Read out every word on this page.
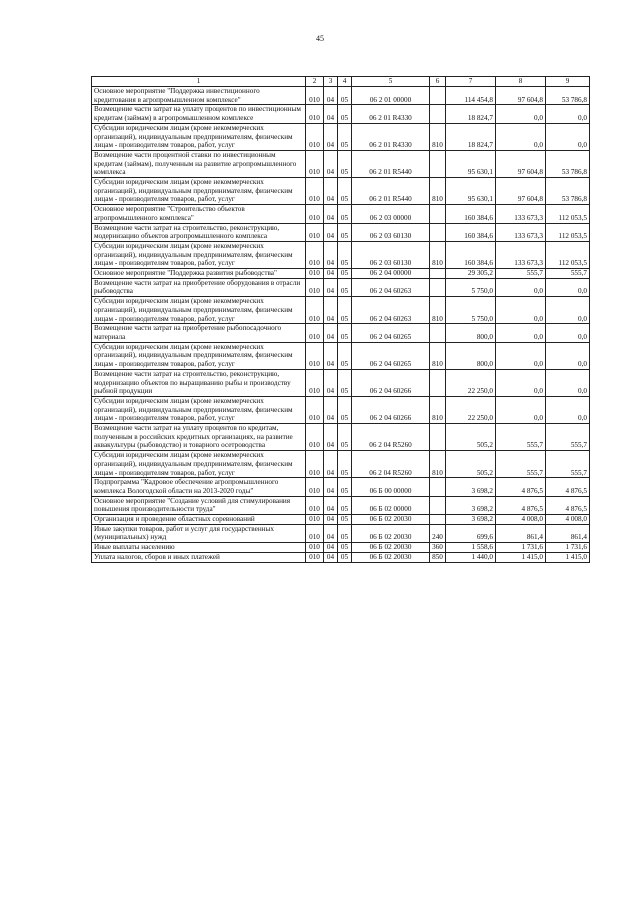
45
1	2	3	4	5	6	7	8	9
Основное мероприятие "Поддержка инвестиционного кредитования в агропромышленном комплексе"	010	04	05	06 2 01 00000		114 454,8	97 604,8	53 786,8
Возмещение части затрат на уплату процентов по инвестиционным кредитам (займам) в агропромышленном комплексе	010	04	05	06 2 01 R4330		18 824,7	0,0	0,0
Субсидии юридическим лицам (кроме некоммерческих организаций), индивидуальным предпринимателям, физическим лицам - производителям товаров, работ, услуг	010	04	05	06 2 01 R4330	810	18 824,7	0,0	0,0
Возмещение части процентной ставки по инвестиционным кредитам (займам), полученным на развитие агропромышленного комплекса	010	04	05	06 2 01 R5440		95 630,1	97 604,8	53 786,8
Субсидии юридическим лицам (кроме некоммерческих организаций), индивидуальным предпринимателям, физическим лицам - производителям товаров, работ, услуг	010	04	05	06 2 01 R5440	810	95 630,1	97 604,8	53 786,8
Основное мероприятие "Строительство объектов агропромышленного комплекса"	010	04	05	06 2 03 00000		160 384,6	133 673,3	112 053,5
Возмещение части затрат на строительство, реконструкцию, модернизацию объектов агропромышленного комплекса	010	04	05	06 2 03 60130		160 384,6	133 673,3	112 053,5
Субсидии юридическим лицам (кроме некоммерческих организаций), индивидуальным предпринимателям, физическим лицам - производителям товаров, работ, услуг	010	04	05	06 2 03 60130	810	160 384,6	133 673,3	112 053,5
Основное мероприятие "Поддержка развития рыбоводства"	010	04	05	06 2 04 00000		29 305,2	555,7	555,7
Возмещение части затрат на приобретение оборудования в отрасли рыбоводства	010	04	05	06 2 04 60263		5 750,0	0,0	0,0
Субсидии юридическим лицам (кроме некоммерческих организаций), индивидуальным предпринимателям, физическим лицам - производителям товаров, работ, услуг	010	04	05	06 2 04 60263	810	5 750,0	0,0	0,0
Возмещение части затрат на приобретение рыбопосадочного материала	010	04	05	06 2 04 60265		800,0	0,0	0,0
Субсидии юридическим лицам (кроме некоммерческих организаций), индивидуальным предпринимателям, физическим лицам - производителям товаров, работ, услуг	010	04	05	06 2 04 60265	810	800,0	0,0	0,0
Возмещение части затрат на строительство, реконструкцию, модернизацию объектов по выращиванию рыбы и производству рыбной продукции	010	04	05	06 2 04 60266		22 250,0	0,0	0,0
Субсидии юридическим лицам (кроме некоммерческих организаций), индивидуальным предпринимателям, физическим лицам - производителям товаров, работ, услуг	010	04	05	06 2 04 60266	810	22 250,0	0,0	0,0
Возмещение части затрат на уплату процентов по кредитам, полученным в российских кредитных организациях, на развитие аквакультуры (рыбоводство) и товарного осетроводства	010	04	05	06 2 04 R5260		505,2	555,7	555,7
Субсидии юридическим лицам (кроме некоммерческих организаций), индивидуальным предпринимателям, физическим лицам - производителям товаров, работ, услуг	010	04	05	06 2 04 R5260	810	505,2	555,7	555,7
Подпрограмма "Кадровое обеспечение агропромышленного комплекса Вологодской области на 2013-2020 годы"	010	04	05	06 Б 00 00000		3 698,2	4 876,5	4 876,5
Основное мероприятие "Создание условий для стимулирования повышения производительности труда"	010	04	05	06 Б 02 00000		3 698,2	4 876,5	4 876,5
Организация и проведение областных соревнований	010	04	05	06 Б 02 20030		3 698,2	4 008,0	4 008,0
Иные закупки товаров, работ и услуг для государственных (муниципальных) нужд	010	04	05	06 Б 02 20030	240	699,6	861,4	861,4
Иные выплаты населению	010	04	05	06 Б 02 20030	360	1 558,6	1 731,6	1 731,6
Уплата налогов, сборов и иных платежей	010	04	05	06 Б 02 20030	850	1 440,0	1 415,0	1 415,0
